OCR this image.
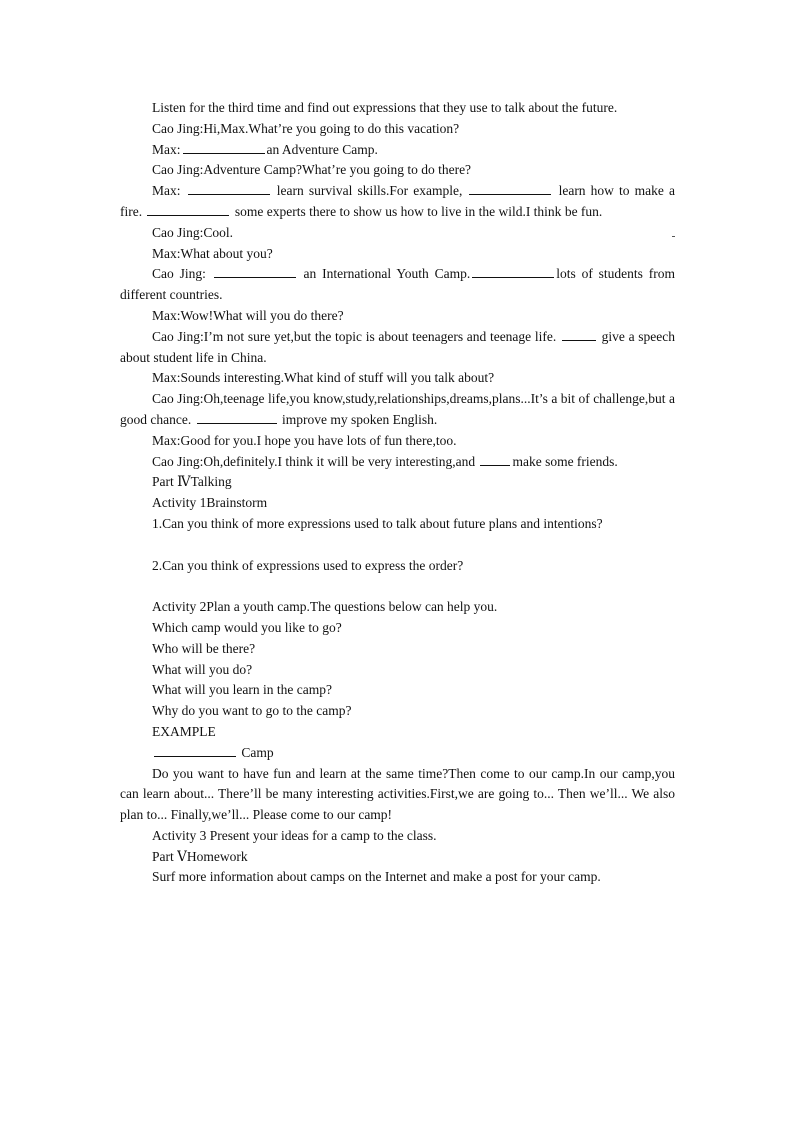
Listen for the third time and find out expressions that they use to talk about the future.

Cao Jing:Hi,Max.What’re you going to do this vacation?

Max:	an Adventure Camp.

Cao Jing:Adventure Camp?What’re you going to do there?

Max:	learn survival skills.For example,	learn how to make a fire.	some experts there to show us how to live in the wild.I think be fun.

Cao Jing:Cool.

Max:What about you?

Cao Jing:	an International Youth Camp.	lots of students from different countries.

Max:Wow!What will you do there?

Cao Jing:I’m not sure yet,but the topic is about teenagers and teenage life.	give a speech about student life in China.

Max:Sounds interesting.What kind of stuff will you talk about?

Cao Jing:Oh,teenage life,you know,study,relationships,dreams,plans...It’s a bit of challenge,but a good chance.	improve my spoken English.

Max:Good for you.I hope you have lots of fun there,too.

Cao Jing:Oh,definitely.I think it will be very interesting,and	make some friends.

Part ⅣTalking

Activity 1Brainstorm

1.Can you think of more expressions used to talk about future plans and intentions?

2.Can you think of expressions used to express the order?

Activity 2Plan a youth camp.The questions below can help you.

Which camp would you like to go?

Who will be there?

What will you do?

What will you learn in the camp?

Why do you want to go to the camp?

EXAMPLE

Camp

Do you want to have fun and learn at the same time?Then come to our camp.In our camp,you can learn about... There’ll be many interesting activities.First,we are going to... Then we’ll... We also plan to... Finally,we’ll... Please come to our camp!

Activity 3 Present your ideas for a camp to the class.

Part ⅤHomework

Surf more information about camps on the Internet and make a post for your camp.
